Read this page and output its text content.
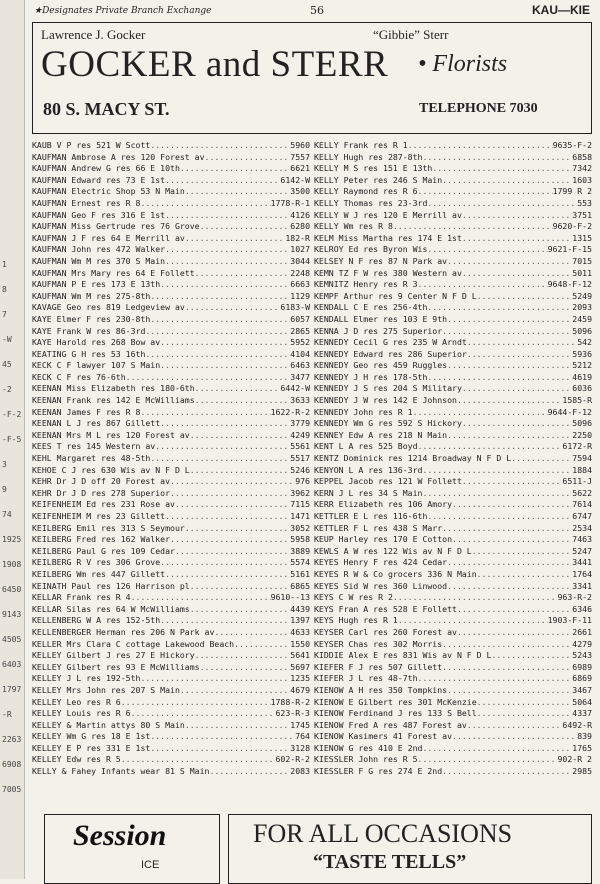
1
8
7
-W
45
-2
-F-2
-F-5
3
9
74
1925
1908
6450
9143
4505
6403
1797
-R
2263
6908
7005
★Designates Private Branch Exchange	56	KAU—KIE
Lawrence J. Gocker	“Gibbie” Sterr
GOCKER and STERR • Florists
80 S. MACY ST.	TELEPHONE 7030
KAUB V P res 521 W Scott .....	5960
KAUFMAN Ambrose A res 120 Forest av .....	7557
KAUFMAN Andrew G res 66 E 10th .....	6621
KAUFMAN Edward res 73 E 1st .....	6142-W
KAUFMAN Electric Shop 53 N Main .....	3500
KAUFMAN Ernest res R 8 .....	1778-R-1
KAUFMAN Geo F res 316 E 1st .....	4126
KAUFMAN Miss Gertrude res 76 Grove .....	6280
KAUFMAN J F res 64 E Merrill av .....	182-R
KAUFMAN John res 472 Walker .....	1027
KAUFMAN Wm M res 370 S Main .....	3044
KAUFMAN Mrs Mary res 64 E Follett .....	2248
KAUFMAN P E res 173 E 13th .....	6663
KAUFMAN Wm M res 275-8th .....	1129
KAVAGE Geo res 819 Ledgeview av .....	6183-W
KAYE Elmer F res 230-8th .....	6057
KAYE Frank W res 86-3rd .....	2865
KAYE Harold res 268 Bow av .....	5952
KEATING G H res 53 16th .....	4104
KECK C F lawyer 107 S Main .....	6463
KECK C F res 76-6th .....	3477
KEENAN Miss Elizabeth res 180-6th .....	6442-W
KEENAN Frank res 142 E McWilliams .....	3633
KEENAN James F res R 8 .....	1622-R-2
KEENAN L J res 867 Gillett .....	3779
KEENAN Mrs M L res 120 Forest av .....	4249
KEES T res 145 Western av .....	5561
KEHL Margaret res 48-5th .....	5517
KEHOE C J res 630 Wis av N F D L .....	5246
KEHR Dr J D off 20 Forest av .....	976
KEHR Dr J D res 278 Superior .....	3962
KEIFENHEIM Ed res 231 Rose av .....	7115
KEIFENHEIM M res 23 Gillett .....	1471
KEILBERG Emil res 313 S Seymour .....	3052
KEILBERG Fred res 162 Walker .....	5958
KEILBERG Paul G res 109 Cedar .....	3889
KEILBERG R V res 306 Grove .....	5574
KEILBERG Wm res 447 Gillett .....	5161
KEINATH Paul res 126 Harrison pl .....	6865
KELLAR Frank res R 4 .....	9610--13
KELLAR Silas res 64 W McWilliams .....	4439
KELLENBERG W A res 152-5th .....	1397
KELLENBERGER Herman res 206 N Park av .....	4633
KELLER Mrs Clara C cottage Lakewood Beach .....	1550
KELLEY Gilbert J res 27 E Hickory .....	5641
KELLEY Gilbert res 93 E McWilliams .....	5697
KELLEY J L res 192-5th .....	1235
KELLEY Mrs John res 207 S Main .....	4679
KELLEY Leo res R 6 .....	1788-R-2
KELLEY Louis res R 6 .....	623-R-3
KELLEY & Martin attys 80 S Main .....	1745
KELLEY Wm G res 18 E 1st .....	764
KELLEY E P res 331 E 1st .....	3128
KELLEY Edw res R 5 .....	602-R-2
KELLY & Fahey Infants wear 81 S Main .....	2083
KELLY Frank res R 1 .....	9635-F-2
KELLY Hugh res 287-8th .....	6858
KELLY M S res 151 E 13th .....	7342
KELLY Peter res 246 S Main .....	1603
KELLY Raymond res R 6 .....	1799 R 2
KELLY Thomas res 23-3rd .....	553
KELLY W J res 120 E Merrill av .....	3751
KELLY Wm res R 8 .....	9620-F-2
KELM Miss Martha res 174 E 1st .....	1315
KELROY Ed res Byron Wis .....	9621-F-15
KELSEY N F res 87 N Park av .....	7015
KEMN TZ F W res 380 Western av .....	5011
KEMNITZ Henry res R 3 .....	9648-F-12
KEMPF Arthur res 9 Center N F D L .....	5249
KENDALL C E res 256-4th .....	2093
KENDALL Elmer res 103 E 9th .....	2459
KENNA J D res 275 Superior .....	5096
KENNEDY Cecil G res 235 W Arndt .....	542
KENNEDY Edward res 286 Superior .....	5936
KENNEDY Geo res 459 Ruggles .....	5212
KENNEDY J H res 178-5th .....	4619
KENNEDY J S res 204 S Military .....	6036
KENNEDY J W res 142 E Johnson .....	1585-R
KENNEDY John res R 1 .....	9644-F-12
KENNEDY Wm G res 592 S Hickory .....	5096
KENNEY Edw A res 218 N Main .....	2250
KENT L A res 525 Boyd .....	6172-R
KENTZ Dominick res 1214 Broadway N F D L .....	7594
KENYON L A res 136-3rd .....	1884
KEPPEL Jacob res 121 W Follett .....	6511-J
KERN J L res 34 S Main .....	5622
KERR Elizabeth res 106 Amory .....	7614
KETTLER E L res 116-6th .....	6747
KETTLER F L res 438 S Marr .....	2534
KEUP Harley res 170 E Cotton .....	7463
KEWLS A W res 122 Wis av N F D L .....	5247
KEYES Henry F res 424 Cedar .....	3441
KEYES R W & Co grocers 336 N Main .....	1764
KEYES Sid W res 360 Linwood .....	3341
KEYS C W res R 2 .....	963-R-2
KEYS Fran A res 528 E Follett .....	6346
KEYS Hugh res R 1 .....	1903-F-11
KEYSER Carl res 260 Forest av .....	2661
KEYSER Chas res 302 Morris .....	4279
KIDDIE Alex E res 831 Wis av N F D L .....	5243
KIEFER F J res 507 Gillett .....	6989
KIEFER J L res 48-7th .....	6869
KIENOW A H res 350 Tompkins .....	3467
KIENOW E Gilbert res 301 McKenzie .....	5064
KIENOW Ferdinand J res 133 S Bell .....	4337
KIENOW Fred A res 487 Forest av .....	6492-R
KIENOW Kasimers 41 Forest av .....	839
KIENOW G res 410 E 2nd .....	1765
KIESSLER John res R 5 .....	902-R 2
KIESSLER F G res 274 E 2nd .....	2985
Session
ICE
FOR ALL OCCASIONS
“TASTE TELLS”
